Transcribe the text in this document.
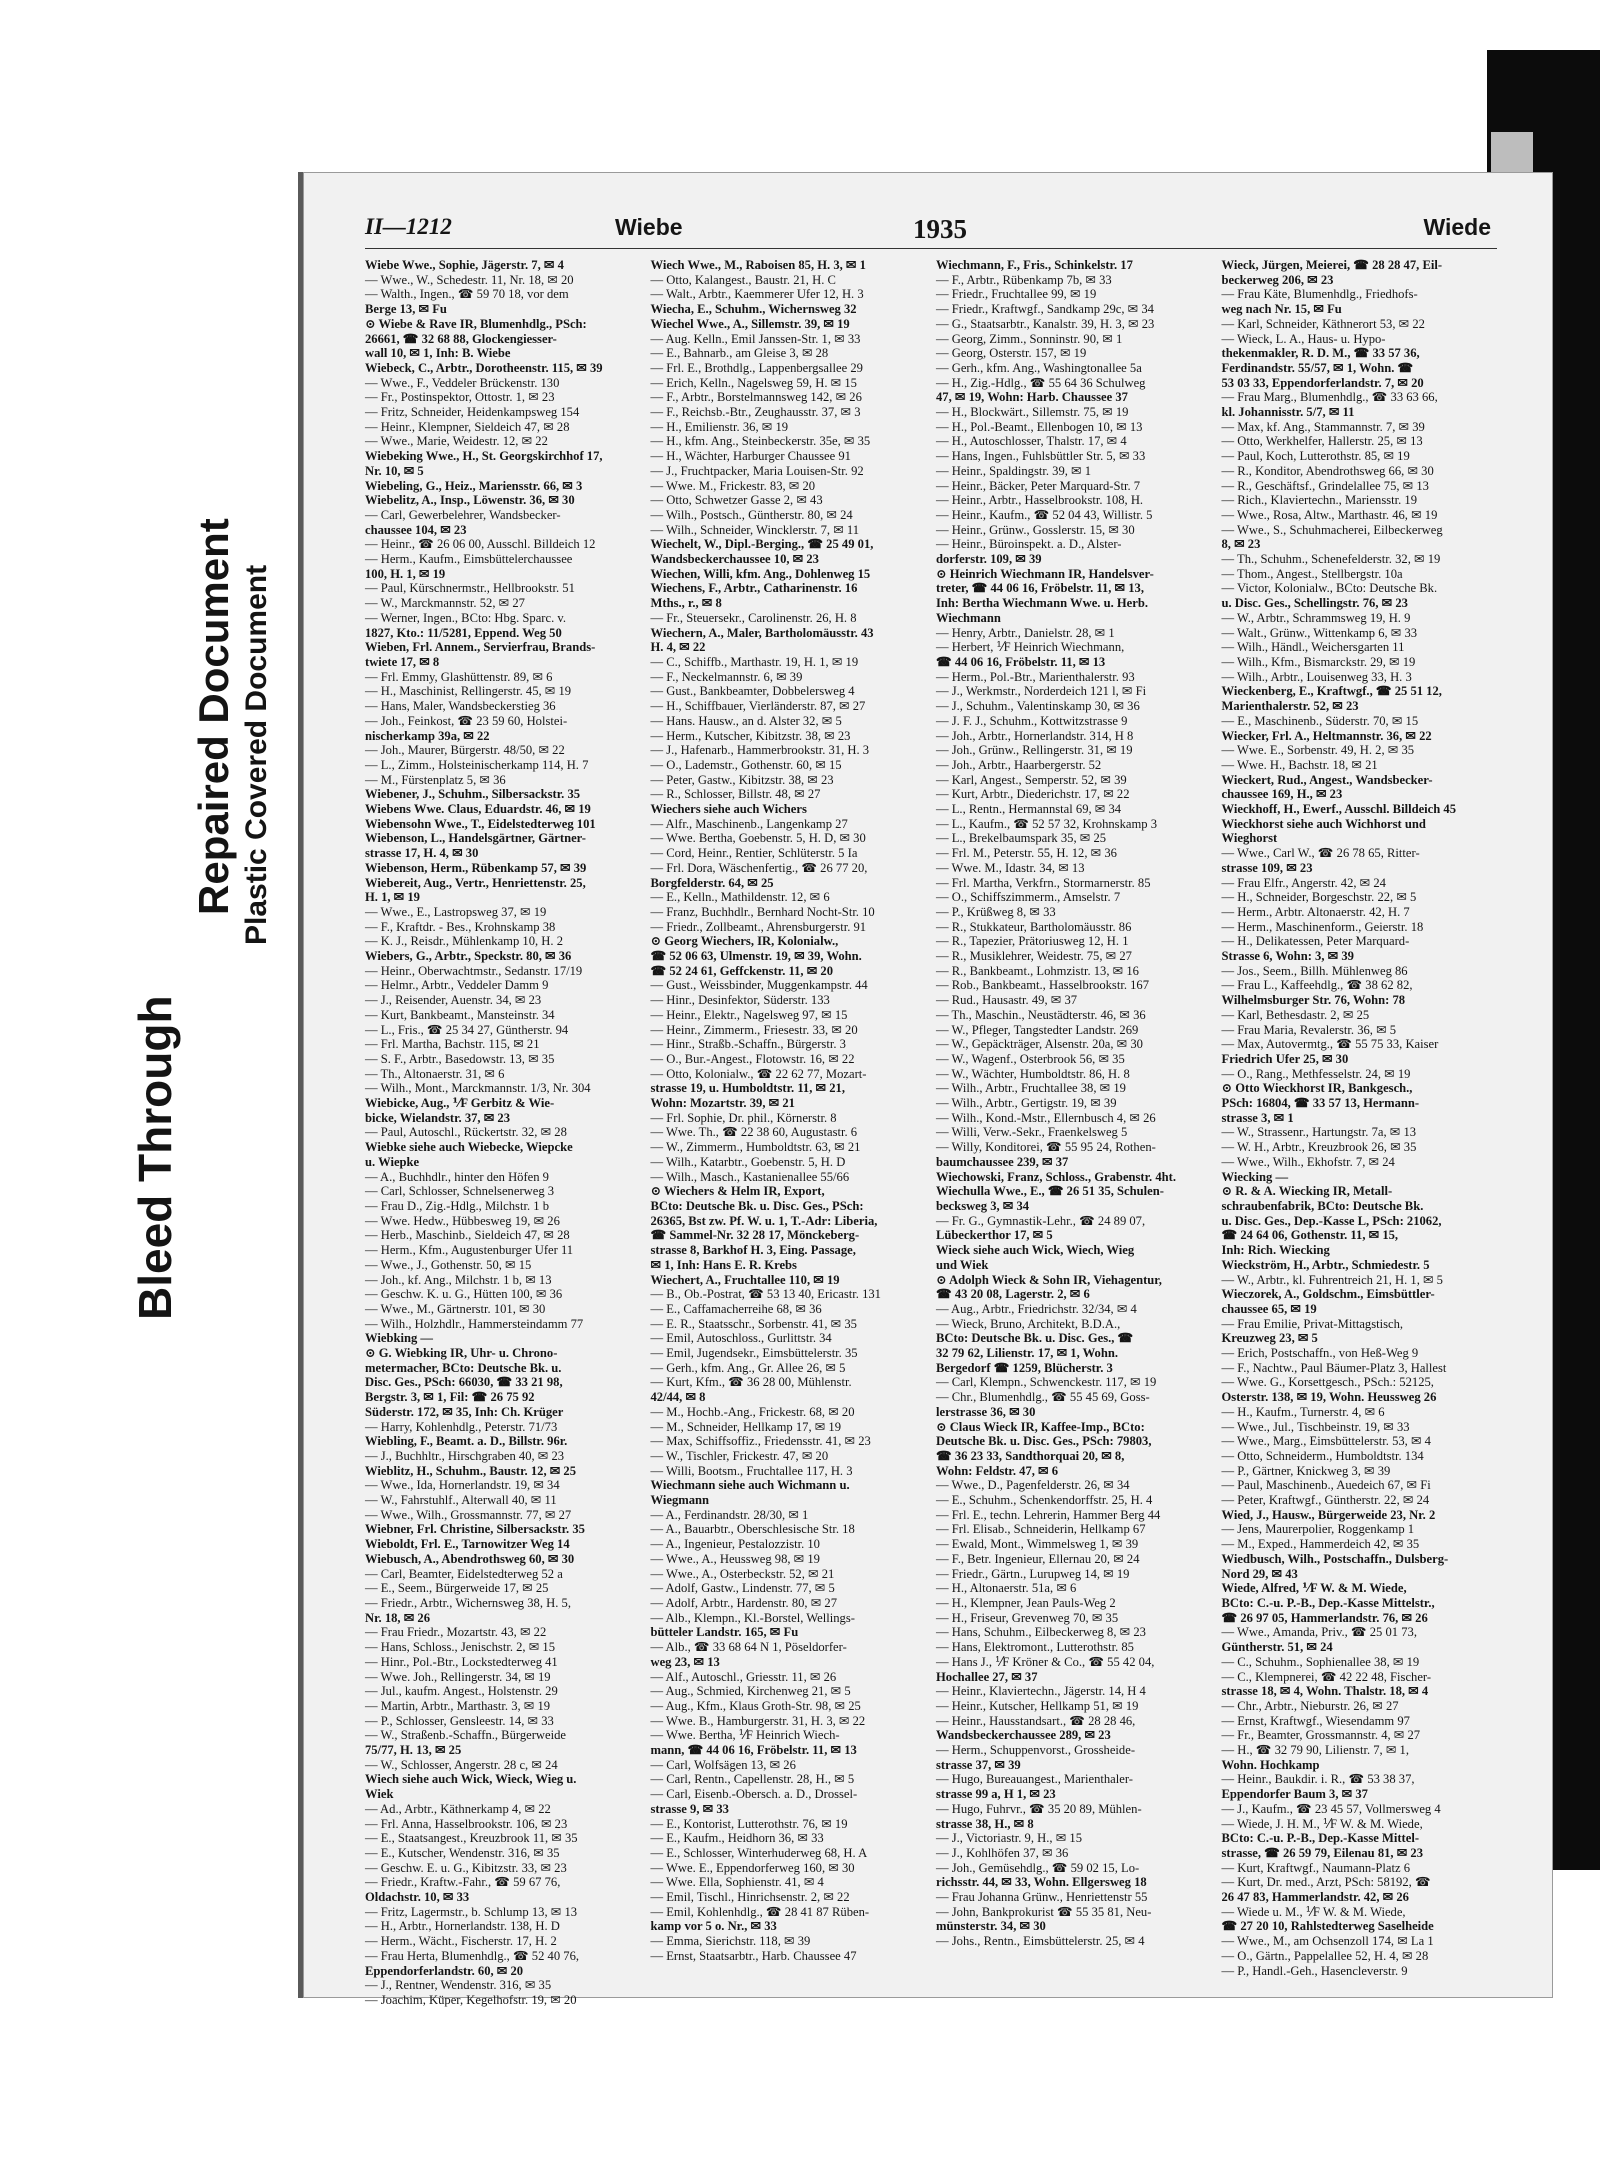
Bleed Through
Repaired Document Plastic Covered Document
II—1212	Wiebe	1935	Wiede
Wiebe Wwe., Sophie, Jägerstr. 7, ✉ 4
— Wwe., W., Schedestr. 11, Nr. 18, ✉ 20
— Walth., Ingen., ☎ 59 70 18, vor dem
Berge 13, ✉ Fu
⊙ Wiebe & Rave IR, Blumenhdlg., PSch:
26661, ☎ 32 68 88, Glockengiesser-
wall 10, ✉ 1, Inh: B. Wiebe
Wiebeck, C., Arbtr., Dorotheenstr. 115, ✉ 39
— Wwe., F., Veddeler Brückenstr. 130
— Fr., Postinspektor, Ottostr. 1, ✉ 23
— Fritz, Schneider, Heidenkampsweg 154
— Heinr., Klempner, Sieldeich 47, ✉ 28
— Wwe., Marie, Weidestr. 12, ✉ 22
Wiebeking Wwe., H., St. Georgskirchhof 17,
Nr. 10, ✉ 5
Wiebeling, G., Heiz., Mariensstr. 66, ✉ 3
Wiebelitz, A., Insp., Löwenstr. 36, ✉ 30
— Carl, Gewerbelehrer, Wandsbecker-
chaussee 104, ✉ 23
— Heinr., ☎ 26 06 00, Ausschl. Billdeich 12
— Herm., Kaufm., Eimsbüttelerchaussee
100, H. 1, ✉ 19
— Paul, Kürschnermstr., Hellbrookstr. 51
— W., Marckmannstr. 52, ✉ 27
— Werner, Ingen., BCto: Hbg. Sparc. v.
1827, Kto.: 11/5281, Eppend. Weg 50
Wieben, Frl. Annem., Servierfrau, Brands-
twiete 17, ✉ 8
— Frl. Emmy, Glashüttenstr. 89, ✉ 6
— H., Maschinist, Rellingerstr. 45, ✉ 19
— Hans, Maler, Wandsbeckerstieg 36
— Joh., Feinkost, ☎ 23 59 60, Holstei-
nischerkamp 39a, ✉ 22
— Joh., Maurer, Bürgerstr. 48/50, ✉ 22
— L., Zimm., Holsteinischerkamp 114, H. 7
— M., Fürstenplatz 5, ✉ 36
Wiebener, J., Schuhm., Silbersackstr. 35
Wiebens Wwe. Claus, Eduardstr. 46, ✉ 19
Wiebensohn Wwe., T., Eidelstedterweg 101
Wiebenson, L., Handelsgärtner, Gärtner-
strasse 17, H. 4, ✉ 30
Wiebenson, Herm., Rübenkamp 57, ✉ 39
Wiebereit, Aug., Vertr., Henriettenstr. 25,
H. 1, ✉ 19
— Wwe., E., Lastropsweg 37, ✉ 19
— F., Kraftdr. - Bes., Krohnskamp 38
— K. J., Reisdr., Mühlenkamp 10, H. 2
Wiebers, G., Arbtr., Speckstr. 80, ✉ 36
— Heinr., Oberwachtmstr., Sedanstr. 17/19
— Helmr., Arbtr., Veddeler Damm 9
— J., Reisender, Auenstr. 34, ✉ 23
— Kurt, Bankbeamt., Mansteinstr. 34
— L., Fris., ☎ 25 34 27, Güntherstr. 94
— Frl. Martha, Bachstr. 115, ✉ 21
— S. F., Arbtr., Basedowstr. 13, ✉ 35
— Th., Altonaerstr. 31, ✉ 6
— Wilh., Mont., Marckmannstr. 1/3, Nr. 304
Wiebicke, Aug., ⅟F Gerbitz & Wie-
bicke, Wielandstr. 37, ✉ 23
— Paul, Autoschl., Rückertstr. 32, ✉ 28
Wiebke siehe auch Wiebecke, Wiepcke
u. Wiepke
— A., Buchhdlr., hinter den Höfen 9
— Carl, Schlosser, Schnelsenerweg 3
— Frau D., Zig.-Hdlg., Milchstr. 1 b
— Wwe. Hedw., Hübbesweg 19, ✉ 26
— Herb., Maschinb., Sieldeich 47, ✉ 28
— Herm., Kfm., Augustenburger Ufer 11
— Wwe., J., Gothenstr. 50, ✉ 15
— Joh., kf. Ang., Milchstr. 1 b, ✉ 13
— Geschw. K. u. G., Hütten 100, ✉ 36
— Wwe., M., Gärtnerstr. 101, ✉ 30
— Wilh., Holzhdlr., Hammersteindamm 77
Wiebking —
⊙ G. Wiebking IR, Uhr- u. Chrono-
metermacher, BCto: Deutsche Bk. u.
Disc. Ges., PSch: 66030, ☎ 33 21 98,
Bergstr. 3, ✉ 1, Fil: ☎ 26 75 92
Süderstr. 172, ✉ 35, Inh: Ch. Krüger
— Harry, Kohlenhdlg., Peterstr. 71/73
Wiebling, F., Beamt. a. D., Billstr. 96r.
— J., Buchhltr., Hirschgraben 40, ✉ 23
Wieblitz, H., Schuhm., Baustr. 12, ✉ 25
— Wwe., Ida, Hornerlandstr. 19, ✉ 34
— W., Fahrstuhlf., Alterwall 40, ✉ 11
— Wwe., Wilh., Grossmannstr. 77, ✉ 27
Wiebner, Frl. Christine, Silbersackstr. 35
Wieboldt, Frl. E., Tarnowitzer Weg 14
Wiebusch, A., Abendrothsweg 60, ✉ 30
— Carl, Beamter, Eidelstedterweg 52 a
— E., Seem., Bürgerweide 17, ✉ 25
— Friedr., Arbtr., Wichernsweg 38, H. 5,
Nr. 18, ✉ 26
— Frau Friedr., Mozartstr. 43, ✉ 22
— Hans, Schloss., Jenischstr. 2, ✉ 15
— Hinr., Pol.-Btr., Lockstedterweg 41
— Wwe. Joh., Rellingerstr. 34, ✉ 19
— Jul., kaufm. Angest., Holstenstr. 29
— Martin, Arbtr., Marthastr. 3, ✉ 19
— P., Schlosser, Gensleestr. 14, ✉ 33
— W., Straßenb.-Schaffn., Bürgerweide
75/77, H. 13, ✉ 25
— W., Schlosser, Angerstr. 28 c, ✉ 24
Wiech siehe auch Wick, Wieck, Wieg u.
Wiek
— Ad., Arbtr., Käthnerkamp 4, ✉ 22
— Frl. Anna, Hasselbrookstr. 106, ✉ 23
— E., Staatsangest., Kreuzbrook 11, ✉ 35
— E., Kutscher, Wendenstr. 316, ✉ 35
— Geschw. E. u. G., Kibitzstr. 33, ✉ 23
— Friedr., Kraftw.-Fahr., ☎ 59 67 76,
Oldachstr. 10, ✉ 33
— Fritz, Lagermstr., b. Schlump 13, ✉ 13
— H., Arbtr., Hornerlandstr. 138, H. D
— Herm., Wächt., Fischerstr. 17, H. 2
— Frau Herta, Blumenhdlg., ☎ 52 40 76,
Eppendorferlandstr. 60, ✉ 20
— J., Rentner, Wendenstr. 316, ✉ 35
— Joachim, Küper, Kegelhofstr. 19, ✉ 20
Wiech Wwe., M., Raboisen 85, H. 3, ✉ 1
— Otto, Kalangest., Baustr. 21, H. C
— Walt., Arbtr., Kaemmerer Ufer 12, H. 3
Wiecha, E., Schuhm., Wichernsweg 32
Wiechel Wwe., A., Sillemstr. 39, ✉ 19
— Aug. Kelln., Emil Janssen-Str. 1, ✉ 33
— E., Bahnarb., am Gleise 3, ✉ 28
— Frl. E., Brothdlg., Lappenbergsallee 29
— Erich, Kelln., Nagelsweg 59, H. ✉ 15
— F., Arbtr., Borstelmannsweg 142, ✉ 26
— F., Reichsb.-Btr., Zeughausstr. 37, ✉ 3
— H., Emilienstr. 36, ✉ 19
— H., kfm. Ang., Steinbeckerstr. 35e, ✉ 35
— H., Wächter, Harburger Chaussee 91
— J., Fruchtpacker, Maria Louisen-Str. 92
— Wwe. M., Frickestr. 83, ✉ 20
— Otto, Schwetzer Gasse 2, ✉ 43
— Wilh., Postsch., Güntherstr. 80, ✉ 24
— Wilh., Schneider, Wincklerstr. 7, ✉ 11
Wiechelt, W., Dipl.-Berging., ☎ 25 49 01,
Wandsbeckerchaussee 10, ✉ 23
Wiechen, Willi, kfm. Ang., Dohlenweg 15
Wiechens, F., Arbtr., Catharinenstr. 16
Mths., r., ✉ 8
— Fr., Steuersekr., Carolinenstr. 26, H. 8
Wiechern, A., Maler, Bartholomäusstr. 43
H. 4, ✉ 22
— C., Schiffb., Marthastr. 19, H. 1, ✉ 19
— F., Neckelmannstr. 6, ✉ 39
— Gust., Bankbeamter, Dobbelersweg 4
— H., Schiffbauer, Vierländerstr. 87, ✉ 27
— Hans. Hausw., an d. Alster 32, ✉ 5
— Herm., Kutscher, Kibitzstr. 38, ✉ 23
— J., Hafenarb., Hammerbrookstr. 31, H. 3
— O., Lademstr., Gothenstr. 60, ✉ 15
— Peter, Gastw., Kibitzstr. 38, ✉ 23
— R., Schlosser, Billstr. 48, ✉ 27
Wiechers siehe auch Wichers
— Alfr., Maschinenb., Langenkamp 27
— Wwe. Bertha, Goebenstr. 5, H. D, ✉ 30
— Cord, Heinr., Rentier, Schlüterstr. 5 Ia
— Frl. Dora, Wäschenfertig., ☎ 26 77 20,
Borgfelderstr. 64, ✉ 25
— E., Kelln., Mathildenstr. 12, ✉ 6
— Franz, Buchhdlr., Bernhard Nocht-Str. 10
— Friedr., Zollbeamt., Ahrensburgerstr. 91
⊙ Georg Wiechers, IR, Kolonialw.,
☎ 52 06 63, Ulmenstr. 19, ✉ 39, Wohn.
☎ 52 24 61, Geffckenstr. 11, ✉ 20
— Gust., Weissbinder, Muggenkampstr. 44
— Hinr., Desinfektor, Süderstr. 133
— Heinr., Elektr., Nagelsweg 97, ✉ 15
— Heinr., Zimmerm., Friesestr. 33, ✉ 20
— Hinr., Straßb.-Schaffn., Bürgerstr. 3
— O., Bur.-Angest., Flotowstr. 16, ✉ 22
— Otto, Kolonialw., ☎ 22 62 77, Mozart-
strasse 19, u. Humboldtstr. 11, ✉ 21,
Wohn: Mozartstr. 39, ✉ 21
— Frl. Sophie, Dr. phil., Körnerstr. 8
— Wwe. Th., ☎ 22 38 60, Augustastr. 6
— W., Zimmerm., Humboldtstr. 63, ✉ 21
— Wilh., Katarbtr., Goebenstr. 5, H. D
— Wilh., Masch., Kastanienallee 55/66
⊙ Wiechers & Helm IR, Export,
BCto: Deutsche Bk. u. Disc. Ges., PSch:
26365, Bst zw. Pf. W. u. 1, T.-Adr: Liberia,
☎ Sammel-Nr. 32 28 17, Mönckeberg-
strasse 8, Barkhof H. 3, Eing. Passage,
✉ 1, Inh: Hans E. R. Krebs
Wiechert, A., Fruchtallee 110, ✉ 19
— B., Ob.-Postrat, ☎ 53 13 40, Ericastr. 131
— E., Caffamacherreihe 68, ✉ 36
— E. R., Staatsschr., Sorbenstr. 41, ✉ 35
— Emil, Autoschloss., Gurlittstr. 34
— Emil, Jugendsekr., Eimsbüttelerstr. 35
— Gerh., kfm. Ang., Gr. Allee 26, ✉ 5
— Kurt, Kfm., ☎ 36 28 00, Mühlenstr.
42/44, ✉ 8
— M., Hochb.-Ang., Frickestr. 68, ✉ 20
— M., Schneider, Hellkamp 17, ✉ 19
— Max, Schiffsoffiz., Friedensstr. 41, ✉ 23
— W., Tischler, Frickestr. 47, ✉ 20
— Willi, Bootsm., Fruchtallee 117, H. 3
Wiechmann siehe auch Wichmann u.
Wiegmann
— A., Ferdinandstr. 28/30, ✉ 1
— A., Bauarbtr., Oberschlesische Str. 18
— A., Ingenieur, Pestalozzistr. 10
— Wwe., A., Heussweg 98, ✉ 19
— Wwe., A., Osterbeckstr. 52, ✉ 21
— Adolf, Gastw., Lindenstr. 77, ✉ 5
— Adolf, Arbtr., Hardenstr. 80, ✉ 27
— Alb., Klempn., Kl.-Borstel, Wellings-
bütteler Landstr. 165, ✉ Fu
— Alb., ☎ 33 68 64 N 1, Pöseldorfer-
weg 23, ✉ 13
— Alf., Autoschl., Griesstr. 11, ✉ 26
— Aug., Schmied, Kirchenweg 21, ✉ 5
— Aug., Kfm., Klaus Groth-Str. 98, ✉ 25
— Wwe. B., Hamburgerstr. 31, H. 3, ✉ 22
— Wwe. Bertha, ⅟F Heinrich Wiech-
mann, ☎ 44 06 16, Fröbelstr. 11, ✉ 13
— Carl, Wolfsägen 13, ✉ 26
— Carl, Rentn., Capellenstr. 28, H., ✉ 5
— Carl, Eisenb.-Obersch. a. D., Drossel-
strasse 9, ✉ 33
— E., Kontorist, Lutterothstr. 76, ✉ 19
— E., Kaufm., Heidhorn 36, ✉ 33
— E., Schlosser, Winterhuderweg 68, H. A
— Wwe. E., Eppendorferweg 160, ✉ 30
— Wwe. Ella, Sophienstr. 41, ✉ 4
— Emil, Tischl., Hinrichsenstr. 2, ✉ 22
— Emil, Kohlenhdlg., ☎ 28 41 87 Rüben-
kamp vor 5 o. Nr., ✉ 33
— Emma, Sierichstr. 118, ✉ 39
— Ernst, Staatsarbtr., Harb. Chaussee 47
Wiechmann, F., Fris., Schinkelstr. 17
— F., Arbtr., Rübenkamp 7b, ✉ 33
— Friedr., Fruchtallee 99, ✉ 19
— Friedr., Kraftwgf., Sandkamp 29c, ✉ 34
— G., Staatsarbtr., Kanalstr. 39, H. 3, ✉ 23
— Georg, Zimm., Sonninstr. 90, ✉ 1
— Georg, Osterstr. 157, ✉ 19
— Gerh., kfm. Ang., Washingtonallee 5a
— H., Zig.-Hdlg., ☎ 55 64 36 Schulweg
47, ✉ 19, Wohn: Harb. Chaussee 37
— H., Blockwärt., Sillemstr. 75, ✉ 19
— H., Pol.-Beamt., Ellenbogen 10, ✉ 13
— H., Autoschlosser, Thalstr. 17, ✉ 4
— Hans, Ingen., Fuhlsbüttler Str. 5, ✉ 33
— Heinr., Spaldingstr. 39, ✉ 1
— Heinr., Bäcker, Peter Marquard-Str. 7
— Heinr., Arbtr., Hasselbrookstr. 108, H.
— Heinr., Kaufm., ☎ 52 04 43, Willistr. 5
— Heinr., Grünw., Gosslerstr. 15, ✉ 30
— Heinr., Büroinspekt. a. D., Alster-
dorferstr. 109, ✉ 39
⊙ Heinrich Wiechmann IR, Handelsver-
treter, ☎ 44 06 16, Fröbelstr. 11, ✉ 13,
Inh: Bertha Wiechmann Wwe. u. Herb.
Wiechmann
— Henry, Arbtr., Danielstr. 28, ✉ 1
— Herbert, ⅟F Heinrich Wiechmann,
☎ 44 06 16, Fröbelstr. 11, ✉ 13
— Herm., Pol.-Btr., Marienthalerstr. 93
— J., Werkmstr., Norderdeich 121 l, ✉ Fi
— J., Schuhm., Valentinskamp 30, ✉ 36
— J. F. J., Schuhm., Kottwitzstrasse 9
— Joh., Arbtr., Hornerlandstr. 314, H 8
— Joh., Grünw., Rellingerstr. 31, ✉ 19
— Joh., Arbtr., Haarbergerstr. 52
— Karl, Angest., Semperstr. 52, ✉ 39
— Kurt, Arbtr., Diederichstr. 17, ✉ 22
— L., Rentn., Hermannstal 69, ✉ 34
— L., Kaufm., ☎ 52 57 32, Krohnskamp 3
— L., Brekelbaumspark 35, ✉ 25
— Frl. M., Peterstr. 55, H. 12, ✉ 36
— Wwe. M., Idastr. 34, ✉ 13
— Frl. Martha, Verkfrn., Stormarnerstr. 85
— O., Schiffszimmerm., Amselstr. 7
— P., Krüßweg 8, ✉ 33
— R., Stukkateur, Bartholomäusstr. 86
— R., Tapezier, Prätoriusweg 12, H. 1
— R., Musiklehrer, Weidestr. 75, ✉ 27
— R., Bankbeamt., Lohmzistr. 13, ✉ 16
— Rob., Bankbeamt., Hasselbrookstr. 167
— Rud., Hausastr. 49, ✉ 37
— Th., Maschin., Neustädterstr. 46, ✉ 36
— W., Pfleger, Tangstedter Landstr. 269
— W., Gepäckträger, Alsenstr. 20a, ✉ 30
— W., Wagenf., Osterbrook 56, ✉ 35
— W., Wächter, Humboldtstr. 86, H. 8
— Wilh., Arbtr., Fruchtallee 38, ✉ 19
— Wilh., Arbtr., Gertigstr. 19, ✉ 39
— Wilh., Kond.-Mstr., Ellernbusch 4, ✉ 26
— Willi, Verw.-Sekr., Fraenkelsweg 5
— Willy, Konditorei, ☎ 55 95 24, Rothen-
baumchaussee 239, ✉ 37
Wiechowski, Franz, Schloss., Grabenstr. 4ht.
Wiechulla Wwe., E., ☎ 26 51 35, Schulen-
becksweg 3, ✉ 34
— Fr. G., Gymnastik-Lehr., ☎ 24 89 07,
Lübeckerthor 17, ✉ 5
Wieck siehe auch Wick, Wiech, Wieg
und Wiek
⊙ Adolph Wieck & Sohn IR, Viehagentur,
☎ 43 20 08, Lagerstr. 2, ✉ 6
— Aug., Arbtr., Friedrichstr. 32/34, ✉ 4
— Wieck, Bruno, Architekt, B.D.A.,
BCto: Deutsche Bk. u. Disc. Ges., ☎
32 79 62, Lilienstr. 17, ✉ 1, Wohn.
Bergedorf ☎ 1259, Blücherstr. 3
— Carl, Klempn., Schwenckestr. 117, ✉ 19
— Chr., Blumenhdlg., ☎ 55 45 69, Goss-
lerstrasse 36, ✉ 30
⊙ Claus Wieck IR, Kaffee-Imp., BCto:
Deutsche Bk. u. Disc. Ges., PSch: 79803,
☎ 36 23 33, Sandthorquai 20, ✉ 8,
Wohn: Feldstr. 47, ✉ 6
— Wwe., D., Pagenfelderstr. 26, ✉ 34
— E., Schuhm., Schenkendorffstr. 25, H. 4
— Frl. E., techn. Lehrerin, Hammer Berg 44
— Frl. Elisab., Schneiderin, Hellkamp 67
— Ewald, Mont., Wimmelsweg 1, ✉ 39
— F., Betr. Ingenieur, Ellernau 20, ✉ 24
— Friedr., Gärtn., Lurupweg 14, ✉ 19
— H., Altonaerstr. 51a, ✉ 6
— H., Klempner, Jean Pauls-Weg 2
— H., Friseur, Grevenweg 70, ✉ 35
— Hans, Schuhm., Eilbeckerweg 8, ✉ 23
— Hans, Elektromont., Lutterothstr. 85
— Hans J., ⅟F Kröner & Co., ☎ 55 42 04,
Hochallee 27, ✉ 37
— Heinr., Klaviertechn., Jägerstr. 14, H 4
— Heinr., Kutscher, Hellkamp 51, ✉ 19
— Heinr., Hausstandsart., ☎ 28 28 46,
Wandsbeckerchaussee 289, ✉ 23
— Herm., Schuppenvorst., Grossheide-
strasse 37, ✉ 39
— Hugo, Bureauangest., Marienthaler-
strasse 99 a, H 1, ✉ 23
— Hugo, Fuhrvr., ☎ 35 20 89, Mühlen-
strasse 38, H., ✉ 8
— J., Victoriastr. 9, H., ✉ 15
— J., Kohlhöfen 37, ✉ 36
— Joh., Gemüsehdlg., ☎ 59 02 15, Lo-
richsstr. 44, ✉ 33, Wohn. Ellgersweg 18
— Frau Johanna Grünw., Henriettenstr 55
— John, Bankprokurist ☎ 55 35 81, Neu-
münsterstr. 34, ✉ 30
— Johs., Rentn., Eimsbüttelerstr. 25, ✉ 4
Wieck, Jürgen, Meierei, ☎ 28 28 47, Eil-
beckerweg 206, ✉ 23
— Frau Käte, Blumenhdlg., Friedhofs-
weg nach Nr. 15, ✉ Fu
— Karl, Schneider, Käthnerort 53, ✉ 22
— Wieck, L. A., Haus- u. Hypo-
thekenmakler, R. D. M., ☎ 33 57 36,
Ferdinandstr. 55/57, ✉ 1, Wohn. ☎
53 03 33, Eppendorferlandstr. 7, ✉ 20
— Frau Marg., Blumenhdlg., ☎ 33 63 66,
kl. Johannisstr. 5/7, ✉ 11
— Max, kf. Ang., Stammannstr. 7, ✉ 39
— Otto, Werkhelfer, Hallerstr. 25, ✉ 13
— Paul, Koch, Lutterothstr. 85, ✉ 19
— R., Konditor, Abendrothsweg 66, ✉ 30
— R., Geschäftsf., Grindelallee 75, ✉ 13
— Rich., Klaviertechn., Mariensstr. 19
— Wwe., Rosa, Altw., Marthastr. 46, ✉ 19
— Wwe., S., Schuhmacherei, Eilbeckerweg
8, ✉ 23
— Th., Schuhm., Schenefelderstr. 32, ✉ 19
— Thom., Angest., Stellbergstr. 10a
— Victor, Kolonialw., BCto: Deutsche Bk.
u. Disc. Ges., Schellingstr. 76, ✉ 23
— W., Arbtr., Schrammsweg 19, H. 9
— Walt., Grünw., Wittenkamp 6, ✉ 33
— Wilh., Händl., Weichersgarten 11
— Wilh., Kfm., Bismarckstr. 29, ✉ 19
— Wilh., Arbtr., Louisenweg 33, H. 3
Wieckenberg, E., Kraftwgf., ☎ 25 51 12,
Marienthalerstr. 52, ✉ 23
— E., Maschinenb., Süderstr. 70, ✉ 15
Wiecker, Frl. A., Heltmannstr. 36, ✉ 22
— Wwe. E., Sorbenstr. 49, H. 2, ✉ 35
— Wwe. H., Bachstr. 18, ✉ 21
Wieckert, Rud., Angest., Wandsbecker-
chaussee 169, H., ✉ 23
Wieckhoff, H., Ewerf., Ausschl. Billdeich 45
Wieckhorst siehe auch Wichhorst und
Wieghorst
— Wwe., Carl W., ☎ 26 78 65, Ritter-
strasse 109, ✉ 23
— Frau Elfr., Angerstr. 42, ✉ 24
— H., Schneider, Borgeschstr. 22, ✉ 5
— Herm., Arbtr. Altonaerstr. 42, H. 7
— Herm., Maschinenform., Geierstr. 18
— H., Delikatessen, Peter Marquard-
Strasse 6, Wohn: 3, ✉ 39
— Jos., Seem., Billh. Mühlenweg 86
— Frau L., Kaffeehdlg., ☎ 38 62 82,
Wilhelmsburger Str. 76, Wohn: 78
— Karl, Bethesdastr. 2, ✉ 25
— Frau Maria, Revalerstr. 36, ✉ 5
— Max, Autovermtg., ☎ 55 75 33, Kaiser
Friedrich Ufer 25, ✉ 30
— O., Rang., Methfesselstr. 24, ✉ 19
⊙ Otto Wieckhorst IR, Bankgesch.,
PSch: 16804, ☎ 33 57 13, Hermann-
strasse 3, ✉ 1
— W., Strassenr., Hartungstr. 7a, ✉ 13
— W. H., Arbtr., Kreuzbrook 26, ✉ 35
— Wwe., Wilh., Ekhofstr. 7, ✉ 24
Wiecking —
⊙ R. & A. Wiecking IR, Metall-
schraubenfabrik, BCto: Deutsche Bk.
u. Disc. Ges., Dep.-Kasse L, PSch: 21062,
☎ 24 64 06, Gothenstr. 11, ✉ 15,
Inh: Rich. Wiecking
Wieckström, H., Arbtr., Schmiedestr. 5
— W., Arbtr., kl. Fuhrentreich 21, H. 1, ✉ 5
Wieczorek, A., Goldschm., Eimsbüttler-
chaussee 65, ✉ 19
— Frau Emilie, Privat-Mittagstisch,
Kreuzweg 23, ✉ 5
— Erich, Postschaffn., von Heß-Weg 9
— F., Nachtw., Paul Bäumer-Platz 3, Hallest
— Wwe. G., Korsettgesch., PSch.: 52125,
Osterstr. 138, ✉ 19, Wohn. Heussweg 26
— H., Kaufm., Turnerstr. 4, ✉ 6
— Wwe., Jul., Tischbeinstr. 19, ✉ 33
— Wwe., Marg., Eimsbüttelerstr. 53, ✉ 4
— Otto, Schneiderm., Humboldtstr. 134
— P., Gärtner, Knickweg 3, ✉ 39
— Paul, Maschinenb., Auedeich 67, ✉ Fi
— Peter, Kraftwgf., Güntherstr. 22, ✉ 24
Wied, J., Hausw., Bürgerweide 23, Nr. 2
— Jens, Maurerpolier, Roggenkamp 1
— M., Exped., Hammerdeich 42, ✉ 35
Wiedbusch, Wilh., Postschaffn., Dulsberg-
Nord 29, ✉ 43
Wiede, Alfred, ⅟F W. & M. Wiede,
BCto: C.-u. P.-B., Dep.-Kasse Mittelstr.,
☎ 26 97 05, Hammerlandstr. 76, ✉ 26
— Wwe., Amanda, Priv., ☎ 25 01 73,
Güntherstr. 51, ✉ 24
— C., Schuhm., Sophienallee 38, ✉ 19
— C., Klempnerei, ☎ 42 22 48, Fischer-
strasse 18, ✉ 4, Wohn. Thalstr. 18, ✉ 4
— Chr., Arbtr., Nieburstr. 26, ✉ 27
— Ernst, Kraftwgf., Wiesendamm 97
— Fr., Beamter, Grossmannstr. 4, ✉ 27
— H., ☎ 32 79 90, Lilienstr. 7, ✉ 1,
Wohn. Hochkamp
— Heinr., Baukdir. i. R., ☎ 53 38 37,
Eppendorfer Baum 3, ✉ 37
— J., Kaufm., ☎ 23 45 57, Vollmersweg 4
— Wiede, J. H. M., ⅟F W. & M. Wiede,
BCto: C.-u. P.-B., Dep.-Kasse Mittel-
strasse, ☎ 26 59 79, Eilenau 81, ✉ 23
— Kurt, Kraftwgf., Naumann-Platz 6
— Kurt, Dr. med., Arzt, PSch: 58192, ☎
26 47 83, Hammerlandstr. 42, ✉ 26
— Wiede u. M., ⅟F W. & M. Wiede,
☎ 27 20 10, Rahlstedterweg Saselheide
— Wwe., M., am Ochsenzoll 174, ✉ La 1
— O., Gärtn., Pappelallee 52, H. 4, ✉ 28
— P., Handl.-Geh., Hasencleverstr. 9
